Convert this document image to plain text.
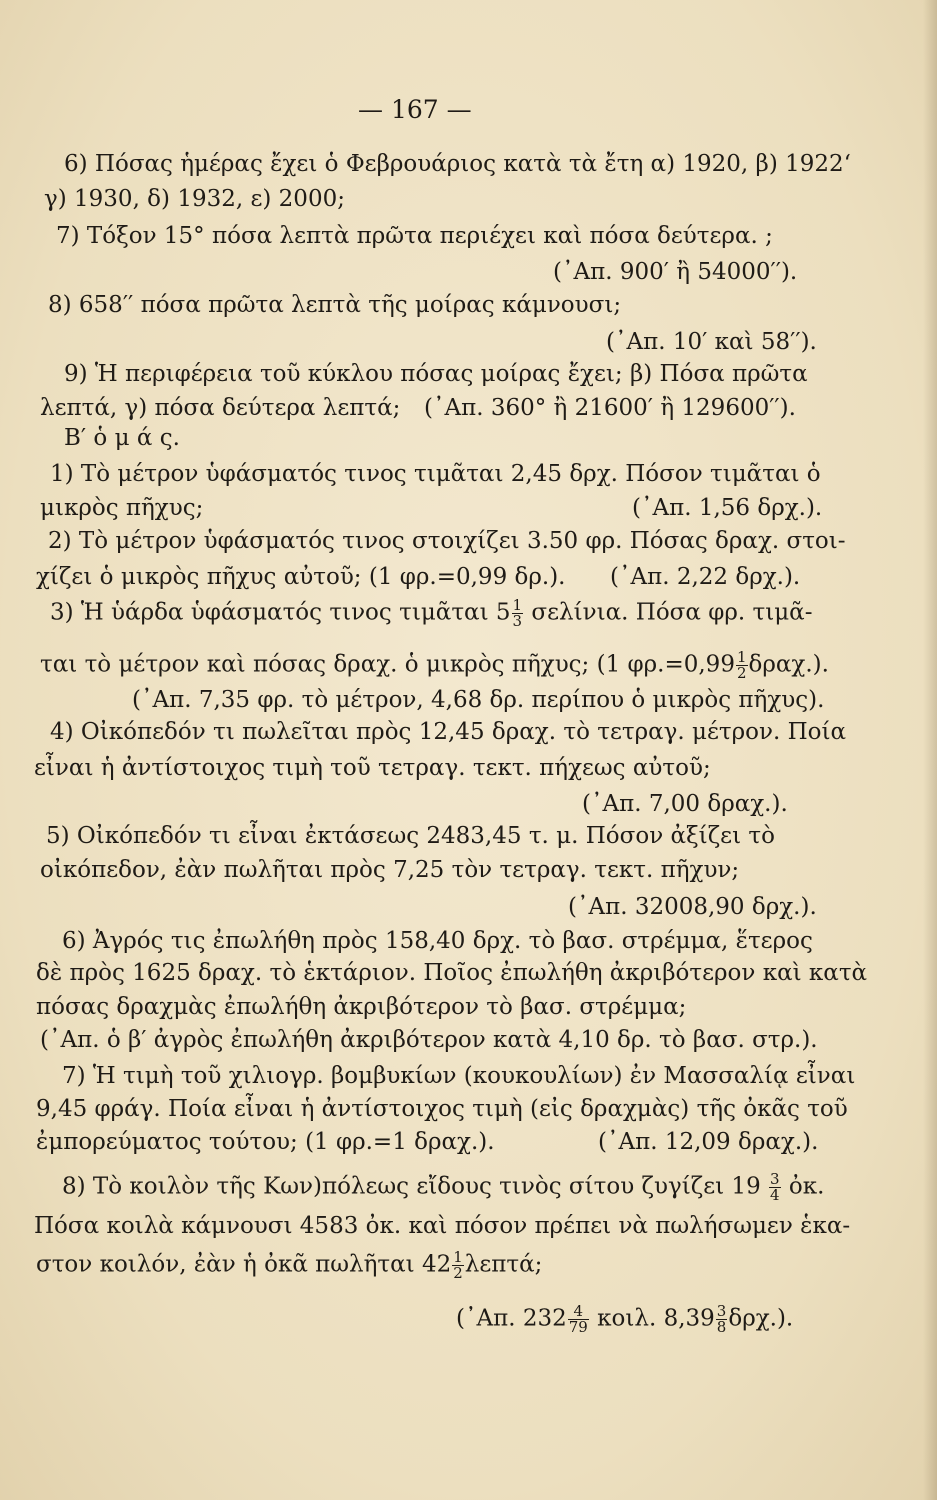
— 167 —
6) Πόσας ἡμέρας ἔχει ὁ Φεβρουάριος κατὰ τὰ ἔτη α) 1920, β) 1922‘
γ) 1930, δ) 1932, ε) 2000;
7) Τόξον 15° πόσα λεπτὰ πρῶτα περιέχει καὶ πόσα δεύτερα. ;
(᾿Απ. 900′ ἢ 54000′′).
8) 658′′ πόσα πρῶτα λεπτὰ τῆς μοίρας κάμνουσι;
(᾿Απ. 10′ καὶ 58′′).
9) Ἡ περιφέρεια τοῦ κύκλου πόσας μοίρας ἔχει; β) Πόσα πρῶτα
λεπτά, γ) πόσα δεύτερα λεπτά; (᾿Απ. 360° ἢ 21600′ ἢ 129600′′).
Β′ ὁ μ ά ς.
1) Τὸ μέτρον ὑφάσματός τινος τιμᾶται 2,45 δρχ. Πόσον τιμᾶται ὁ
μικρὸς πῆχυς;	(᾿Απ. 1,56 δρχ.).
2) Τὸ μέτρον ὑφάσματός τινος στοιχίζει 3.50 φρ. Πόσας δραχ. στοι-
χίζει ὁ μικρὸς πῆχυς αὐτοῦ; (1 φρ.=0,99 δρ.). (᾿Απ. 2,22 δρχ.).
3) Ἡ ὑάρδα ὑφάσματός τινος τιμᾶται $5 \frac{1}{3} \sigma\varepsilon\lambda ί\nu\iota\alpha$. Πόσα φρ. τιμᾶ-
ται τὸ μέτρον καὶ πόσας δραχ. ὁ μικρὸς πῆχυς; (1 $\varphi\rho.=0,99 \frac{1}{2} \delta\rho\alpha\chi$.).
(᾿Απ. 7,35 φρ. τὸ μέτρον, 4,68 δρ. περίπου ὁ μικρὸς πῆχυς).
4) Οἰκόπεδόν τι πωλεῖται πρὸς 12,45 δραχ. τὸ τετραγ. μέτρον. Ποία
εἶναι ἡ ἀντίστοιχος τιμὴ τοῦ τετραγ. τεκτ. πήχεως αὐτοῦ;
(᾿Απ. 7,00 δραχ.).
5) Οἰκόπεδόν τι εἶναι ἐκτάσεως 2483,45 τ. μ. Πόσον ἀξίζει τὸ
οἰκόπεδον, ἐὰν πωλῆται πρὸς 7,25 τὸν τετραγ. τεκτ. πῆχυν;
(᾿Απ. 32008,90 δρχ.).
6) Ἀγρός τις ἐπωλήθη πρὸς 158,40 δρχ. τὸ βασ. στρέμμα, ἕτερος
δὲ πρὸς 1625 δραχ. τὸ ἑκτάριον. Ποῖος ἐπωλήθη ἀκριβότερον καὶ κατὰ
πόσας δραχμὰς ἐπωλήθη ἀκριβότερον τὸ βασ. στρέμμα;
(᾿Απ. ὁ β′ ἀγρὸς ἐπωλήθη ἀκριβότερον κατὰ 4,10 δρ. τὸ βασ. στρ.).
7) Ἡ τιμὴ τοῦ χιλιογρ. βομβυκίων (κουκουλίων) ἐν Μασσαλίᾳ εἶναι
9,45 φράγ. Ποία εἶναι ἡ ἀντίστοιχος τιμὴ (εἰς δραχμὰς) τῆς ὀκᾶς τοῦ
ἐμπορεύματος τούτου; (1 φρ.=1 δραχ.).	(᾿Απ. 12,09 δραχ.).
8) Τὸ κοιλὸν τῆς Κων)πόλεως εἴδους τινὸς σίτου ζυγίζει $19 \frac{3}{4}$ ὀκ.
Πόσα κοιλὰ κάμνουσι 4583 ὀκ. καὶ πόσον πρέπει νὰ πωλήσωμεν ἑκα-
στον κοιλόν, ἐὰν ἡ ὀκᾶ πωλῆται $42 \frac{1}{2} \lambda\varepsilon\pi\tau ά$;
(᾿Απ. $232 \frac{4}{79} \kappa o\iota\lambda$. $8,39 \frac{3}{8} \delta\rho\chi$.).
